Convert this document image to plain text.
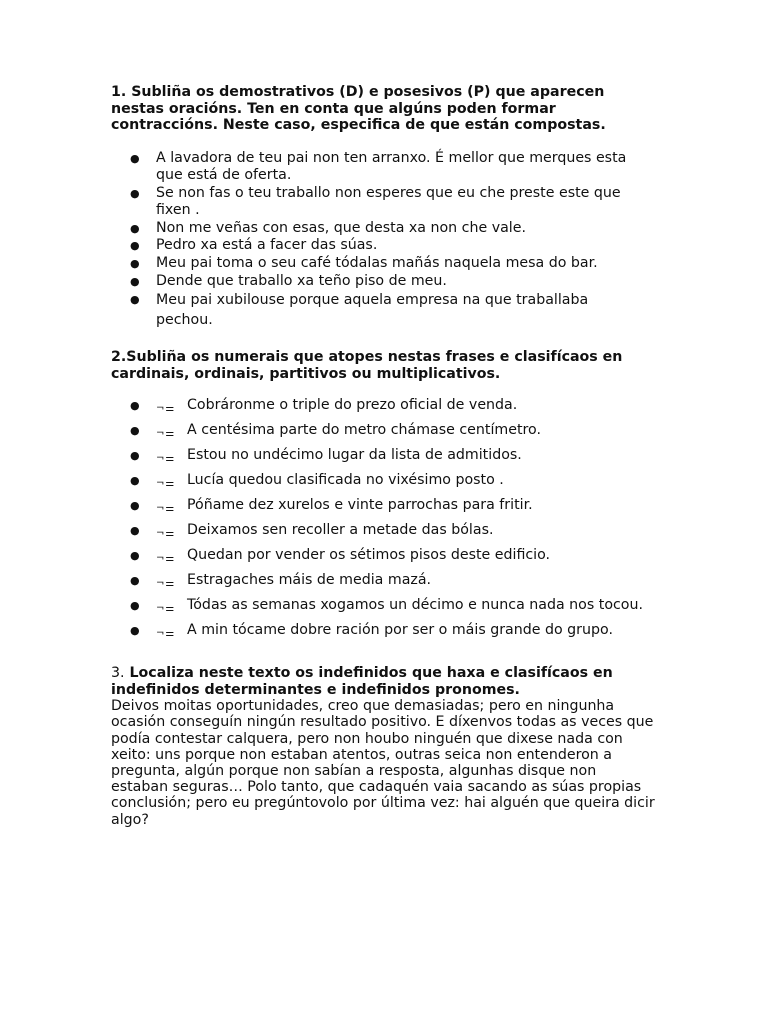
1. Subliña os demostrativos (D) e posesivos (P) que aparecen nestas oracións. Ten en conta que algúns poden formar contraccións. Neste caso, especifica de que están compostas.

● A lavadora de teu pai non ten arranxo. É mellor que merques esta que está de oferta.
● Se non fas o teu traballo non esperes que eu che preste este que fixen .
● Non me veñas con esas, que desta xa non che vale.
● Pedro xa está a facer das súas.
● Meu pai toma o seu café tódalas mañás naquela mesa do bar.
● Dende que traballo xa teño piso de meu.
● Meu pai xubilouse porque aquela empresa na que traballaba pechou.

2.Subliña os numerais que atopes nestas frases e clasifícaos en cardinais, ordinais, partitivos ou multiplicativos.

● ¬⚌ Cobráronme o triple do prezo oficial de venda.
● ¬⚌ A centésima parte do metro chámase centímetro.
● ¬⚌ Estou no undécimo lugar da lista de admitidos.
● ¬⚌ Lucía quedou clasificada no vixésimo posto .
● ¬⚌ Póñame dez xurelos e vinte parrochas para fritir.
● ¬⚌ Deixamos sen recoller a metade das bólas.
● ¬⚌ Quedan por vender os sétimos pisos deste edificio.
● ¬⚌ Estragaches máis de media mazá.
● ¬⚌ Tódas as semanas xogamos un décimo e nunca nada nos tocou.
● ¬⚌ A min tócame dobre ración por ser o máis grande do grupo.

3. Localiza neste texto os indefinidos que haxa e clasifícaos en indefinidos determinantes e indefinidos pronomes.

Deivos moitas oportunidades, creo que demasiadas; pero en ningunha ocasión conseguín ningún resultado positivo. E díxenvos todas as veces que podía contestar calquera, pero non houbo ninguén que dixese nada con xeito: uns porque non estaban atentos, outras seica non entenderon a pregunta, algún porque non sabían a resposta, algunhas disque non estaban seguras… Polo tanto, que cadaquén vaia sacando as súas propias conclusión; pero eu pregúntovolo por última vez: hai alguén que queira dicir algo?
